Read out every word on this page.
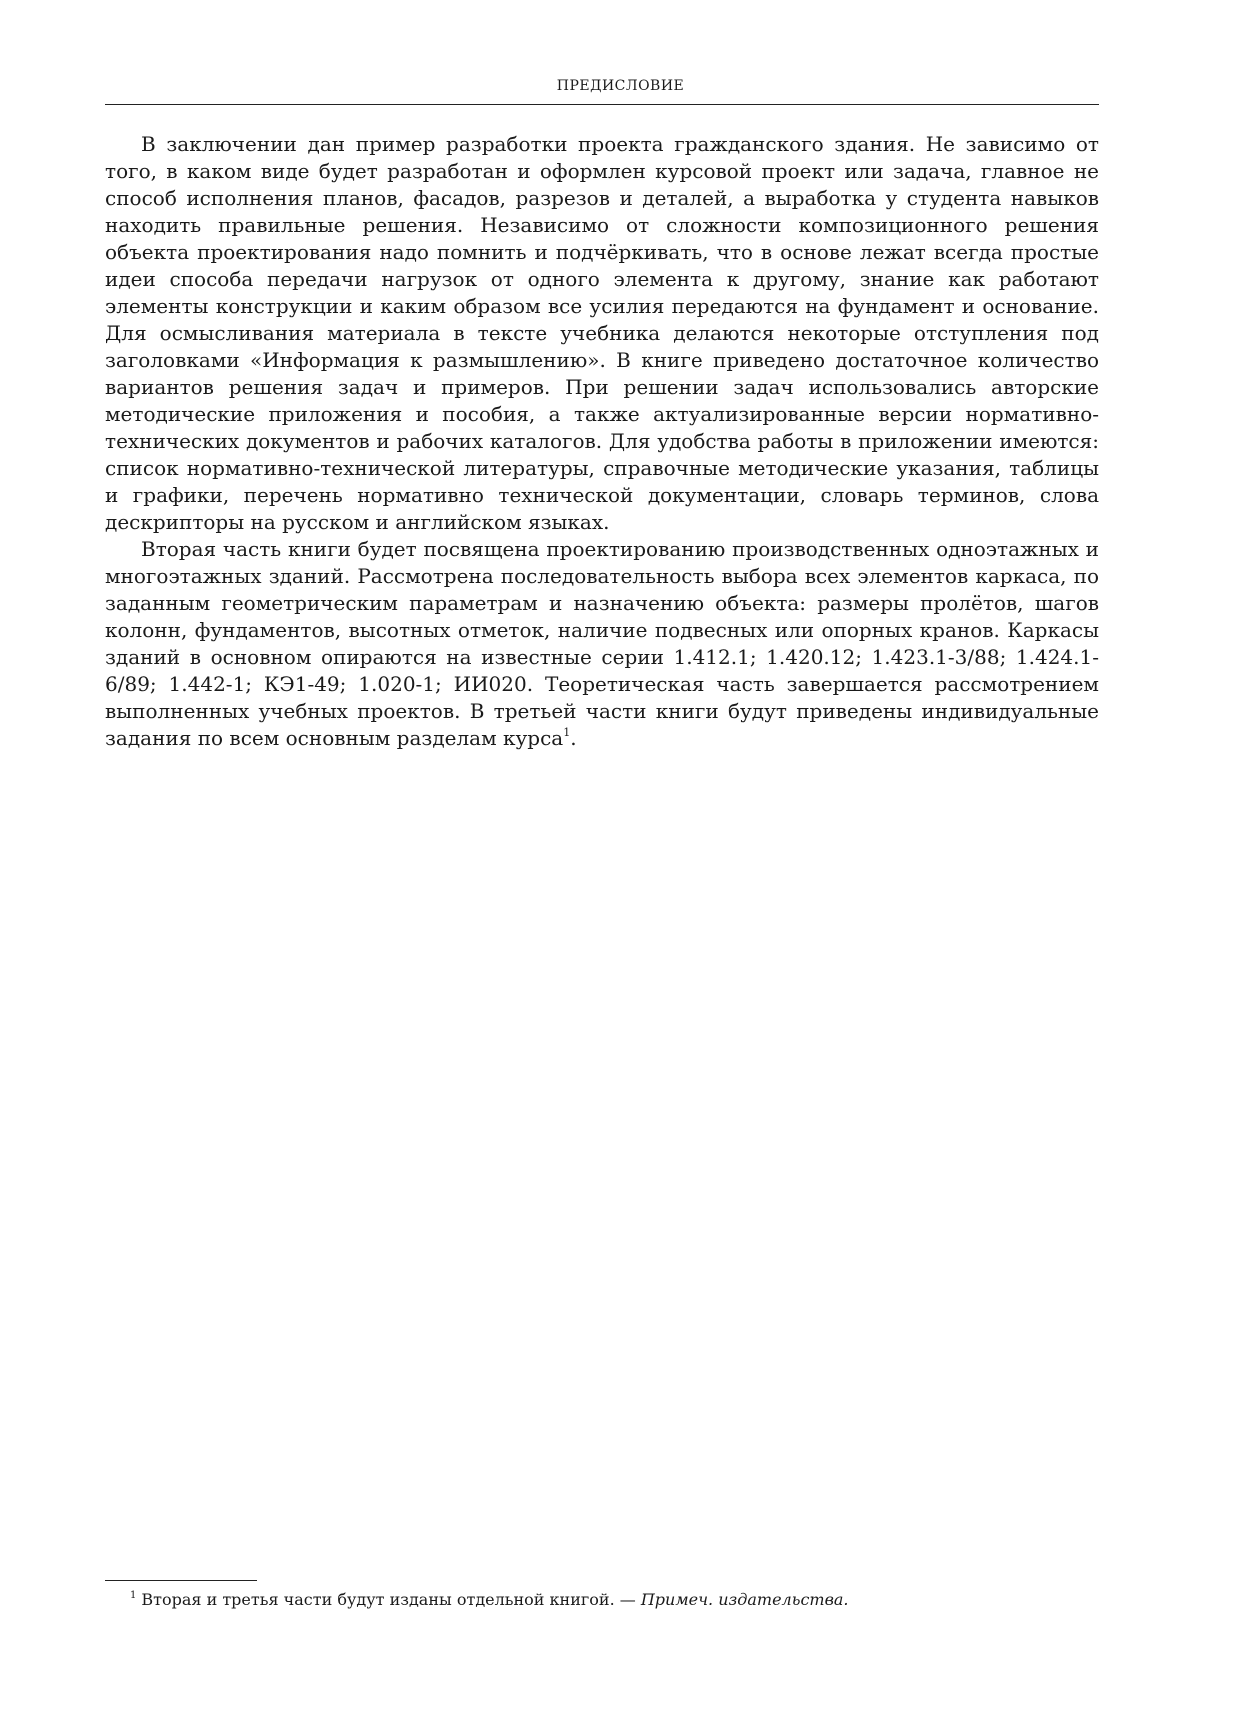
ПРЕДИСЛОВИЕ

В заключении дан пример разработки проекта гражданского здания. Не зависимо от того, в каком виде будет разработан и оформлен курсовой проект или задача, главное не способ исполнения планов, фасадов, разрезов и деталей, а выработка у студента навыков находить правильные решения. Независимо от сложности композиционного решения объекта проектирования надо помнить и подчёркивать, что в основе лежат всегда простые идеи способа передачи нагрузок от одного элемента к другому, знание как работают элементы конструкции и каким образом все усилия передаются на фундамент и основание. Для осмысливания материала в тексте учебника делаются некоторые отступления под заголовками «Информация к размышлению». В книге приведено достаточное количество вариантов решения задач и примеров. При решении задач использовались авторские методические приложения и пособия, а также актуализированные версии нормативно-технических документов и рабочих каталогов. Для удобства работы в приложении имеются: список нормативно-технической литературы, справочные методические указания, таблицы и графики, перечень нормативно технической документации, словарь терминов, слова дескрипторы на русском и английском языках.

Вторая часть книги будет посвящена проектированию производственных одноэтажных и многоэтажных зданий. Рассмотрена последовательность выбора всех элементов каркаса, по заданным геометрическим параметрам и назначению объекта: размеры пролётов, шагов колонн, фундаментов, высотных отметок, наличие подвесных или опорных кранов. Каркасы зданий в основном опираются на известные серии 1.412.1; 1.420.12; 1.423.1-3/88; 1.424.1-6/89; 1.442-1; КЭ1-49; 1.020-1; ИИ020. Теоретическая часть завершается рассмотрением выполненных учебных проектов. В третьей части книги будут приведены индивидуальные задания по всем основным разделам курса$^1$.

$^1$ Вторая и третья части будут изданы отдельной книгой. — Примеч. издательства.
